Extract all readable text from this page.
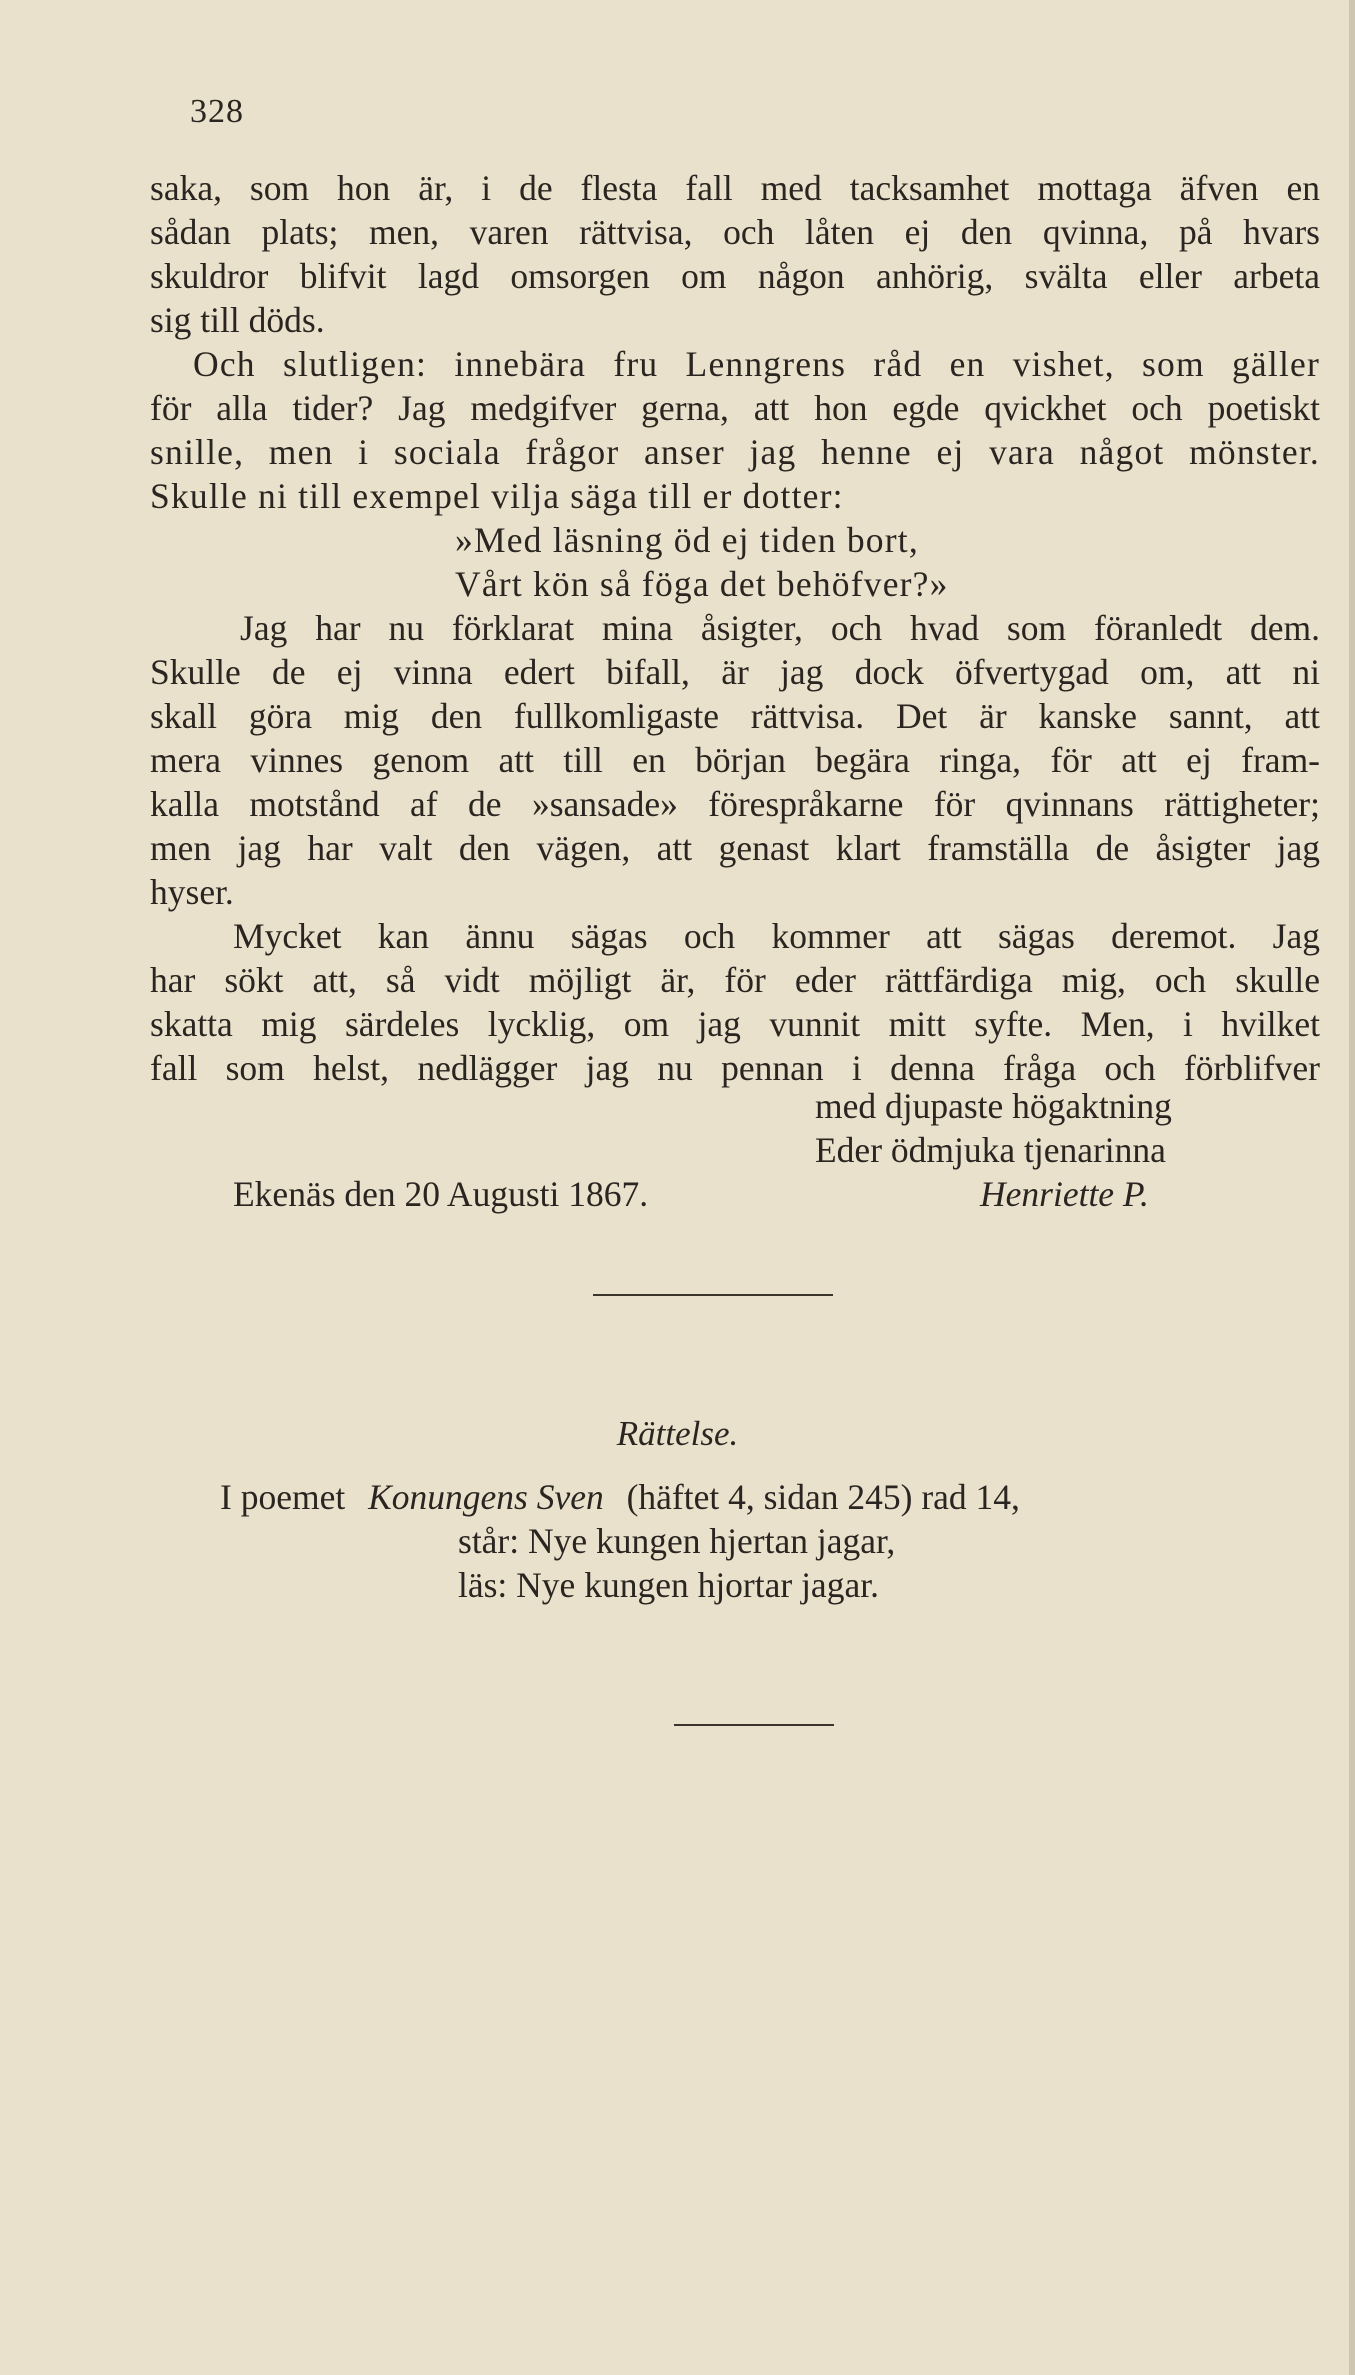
328
saka, som hon är, i de flesta fall med tacksamhet mottaga äfven en
sådan plats; men, varen rättvisa, och låten ej den qvinna, på hvars
skuldror blifvit lagd omsorgen om någon anhörig, svälta eller arbeta
sig till döds.
Och slutligen: innebära fru Lenngrens råd en vishet, som gäller
för alla tider? Jag medgifver gerna, att hon egde qvickhet och poetiskt
snille, men i sociala frågor anser jag henne ej vara något mönster.
Skulle ni till exempel vilja säga till er dotter:
»Med läsning öd ej tiden bort,
Vårt kön så föga det behöfver?»
Jag har nu förklarat mina åsigter, och hvad som föranledt dem.
Skulle de ej vinna edert bifall, är jag dock öfvertygad om, att ni
skall göra mig den fullkomligaste rättvisa. Det är kanske sannt, att
mera vinnes genom att till en början begära ringa, för att ej fram-
kalla motstånd af de »sansade» förespråkarne för qvinnans rättigheter;
men jag har valt den vägen, att genast klart framställa de åsigter jag
hyser.
Mycket kan ännu sägas och kommer att sägas deremot. Jag
har sökt att, så vidt möjligt är, för eder rättfärdiga mig, och skulle
skatta mig särdeles lycklig, om jag vunnit mitt syfte. Men, i hvilket
fall som helst, nedlägger jag nu pennan i denna fråga och förblifver
med djupaste högaktning
Eder ödmjuka tjenarinna
Henriette P.
Ekenäs den 20 Augusti 1867.
Rättelse.
I poemet Konungens Sven (häftet 4, sidan 245) rad 14,
står: Nye kungen hjertan jagar,
läs: Nye kungen hjortar jagar.
